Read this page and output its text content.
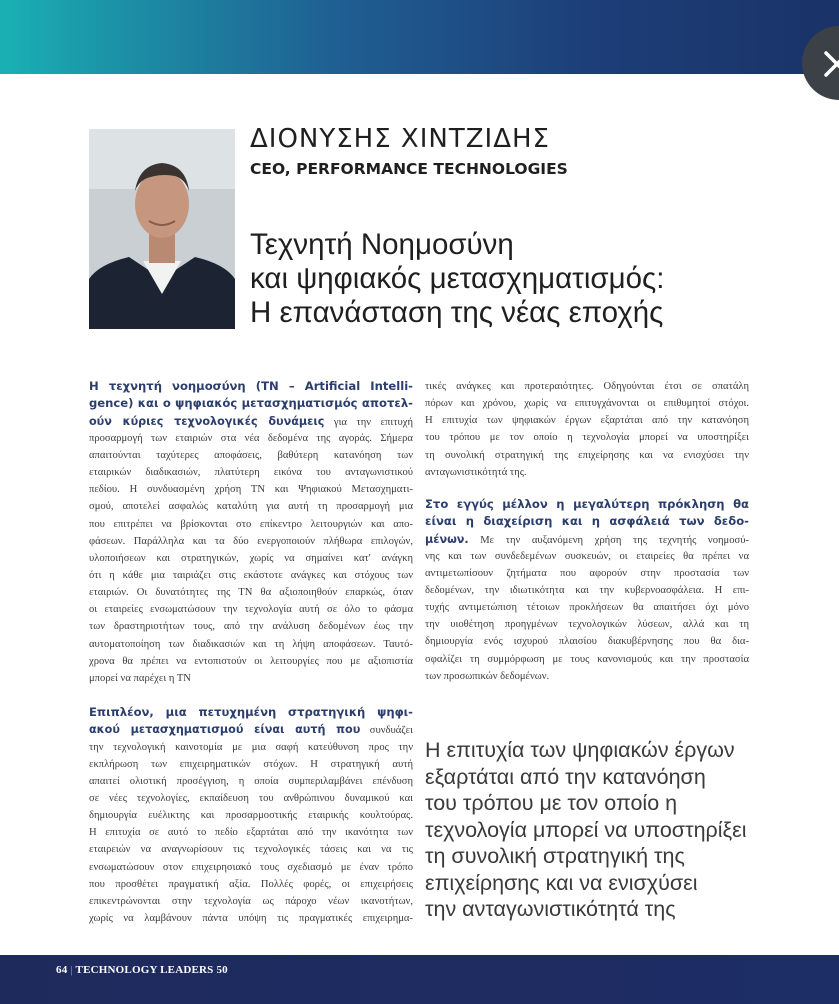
ΔΙΟΝΥΣΗΣ ΧΙΝΤΖΙΔΗΣ
CEO, PERFORMANCE TECHNOLOGIES
Τεχνητή Νοημοσύνη
και ψηφιακός μετασχηματισμός:
Η επανάσταση της νέας εποχής
Η τεχνητή νοημοσύνη (ΤΝ – Artificial Intelli-
gence) και ο ψηφιακός μετασχηματισμός αποτελ-
ούν κύριες τεχνολογικές δυνάμεις για την επιτυχή
προσαρμογή των εταιριών στα νέα δεδομένα της αγοράς. Σήμερα
απαιτούνται ταχύτερες αποφάσεις, βαθύτερη κατανόηση των
εταιρικών διαδικασιών, πλατύτερη εικόνα του ανταγωνιστικού
πεδίου. Η συνδυασμένη χρήση ΤΝ και Ψηφιακού Μετασχηματι-
σμού, αποτελεί ασφαλώς καταλύτη για αυτή τη προσαρμογή μια
που επιτρέπει να βρίσκονται στο επίκεντρο λειτουργιών και απο-
φάσεων. Παράλληλα και τα δύο ενεργοποιούν πλήθωρα επιλογών,
υλοποιήσεων και στρατηγικών, χωρίς να σημαίνει κατ' ανάγκη
ότι η κάθε μια ταιριάζει στις εκάστοτε ανάγκες και στόχους των
εταιριών. Οι δυνατότητες της ΤΝ θα αξιοποιηθούν επαρκώς, όταν
οι εταιρείες ενσωματώσουν την τεχνολογία αυτή σε όλο το φάσμα
των δραστηριοτήτων τους, από την ανάλυση δεδομένων έως την
αυτοματοποίηση των διαδικασιών και τη λήψη αποφάσεων. Ταυτό-
χρονα θα πρέπει να εντοπιστούν οι λειτουργίες που με αξιοπιστία
μπορεί να παρέχει η ΤΝ
Επιπλέον, μια πετυχημένη στρατηγική ψηφι-
ακού μετασχηματισμού είναι αυτή που συνδυάζει
την τεχνολογική καινοτομία με μια σαφή κατεύθυνση προς την
εκπλήρωση των επιχειρηματικών στόχων. Η στρατηγική αυτή
απαιτεί ολιστική προσέγγιση, η οποία συμπεριλαμβάνει επένδυση
σε νέες τεχνολογίες, εκπαίδευση του ανθρώπινου δυναμικού και
δημιουργία ευέλικτης και προσαρμοστικής εταιρικής κουλτούρας.
Η επιτυχία σε αυτό το πεδίο εξαρτάται από την ικανότητα των
εταιρειών να αναγνωρίσουν τις τεχνολογικές τάσεις και να τις
ενσωματώσουν στον επιχειρησιακό τους σχεδιασμό με έναν τρόπο
που προσθέτει πραγματική αξία. Πολλές φορές, οι επιχειρήσεις
επικεντρώνονται στην τεχνολογία ως πάροχο νέων ικανοτήτων,
χωρίς να λαμβάνουν πάντα υπόψη τις πραγματικές επιχειρημα-
τικές ανάγκες και προτεραιότητες. Οδηγούνται έτσι σε σπατάλη
πόρων και χρόνου, χωρίς να επιτυγχάνονται οι επιθυμητοί στόχοι.
Η επιτυχία των ψηφιακών έργων εξαρτάται από την κατανόηση
του τρόπου με τον οποίο η τεχνολογία μπορεί να υποστηρίξει
τη συνολική στρατηγική της επιχείρησης και να ενισχύσει την
ανταγωνιστικότητά της.
Στο εγγύς μέλλον η μεγαλύτερη πρόκληση θα
είναι η διαχείριση και η ασφάλειά των δεδο-
μένων. Με την αυξανόμενη χρήση της τεχνητής νοημοσύ-
νης και των συνδεδεμένων συσκευών, οι εταιρείες θα πρέπει να
αντιμετωπίσουν ζητήματα που αφορούν στην προστασία των
δεδομένων, την ιδιωτικότητα και την κυβερνοασφάλεια. Η επι-
τυχής αντιμετώπιση τέτοιων προκλήσεων θα απαιτήσει όχι μόνο
την υιοθέτηση προηγμένων τεχνολογικών λύσεων, αλλά και τη
δημιουργία ενός ισχυρού πλαισίου διακυβέρνησης που θα δια-
σφαλίζει τη συμμόρφωση με τους κανονισμούς και την προστασία
των προσωπικών δεδομένων.
Η επιτυχία των ψηφιακών έργων
εξαρτάται από την κατανόηση
του τρόπου με τον οποίο η
τεχνολογία μπορεί να υποστηρίξει
τη συνολική στρατηγική της
επιχείρησης και να ενισχύσει
την ανταγωνιστικότητά της
64 | TECHNOLOGY LEADERS 50
